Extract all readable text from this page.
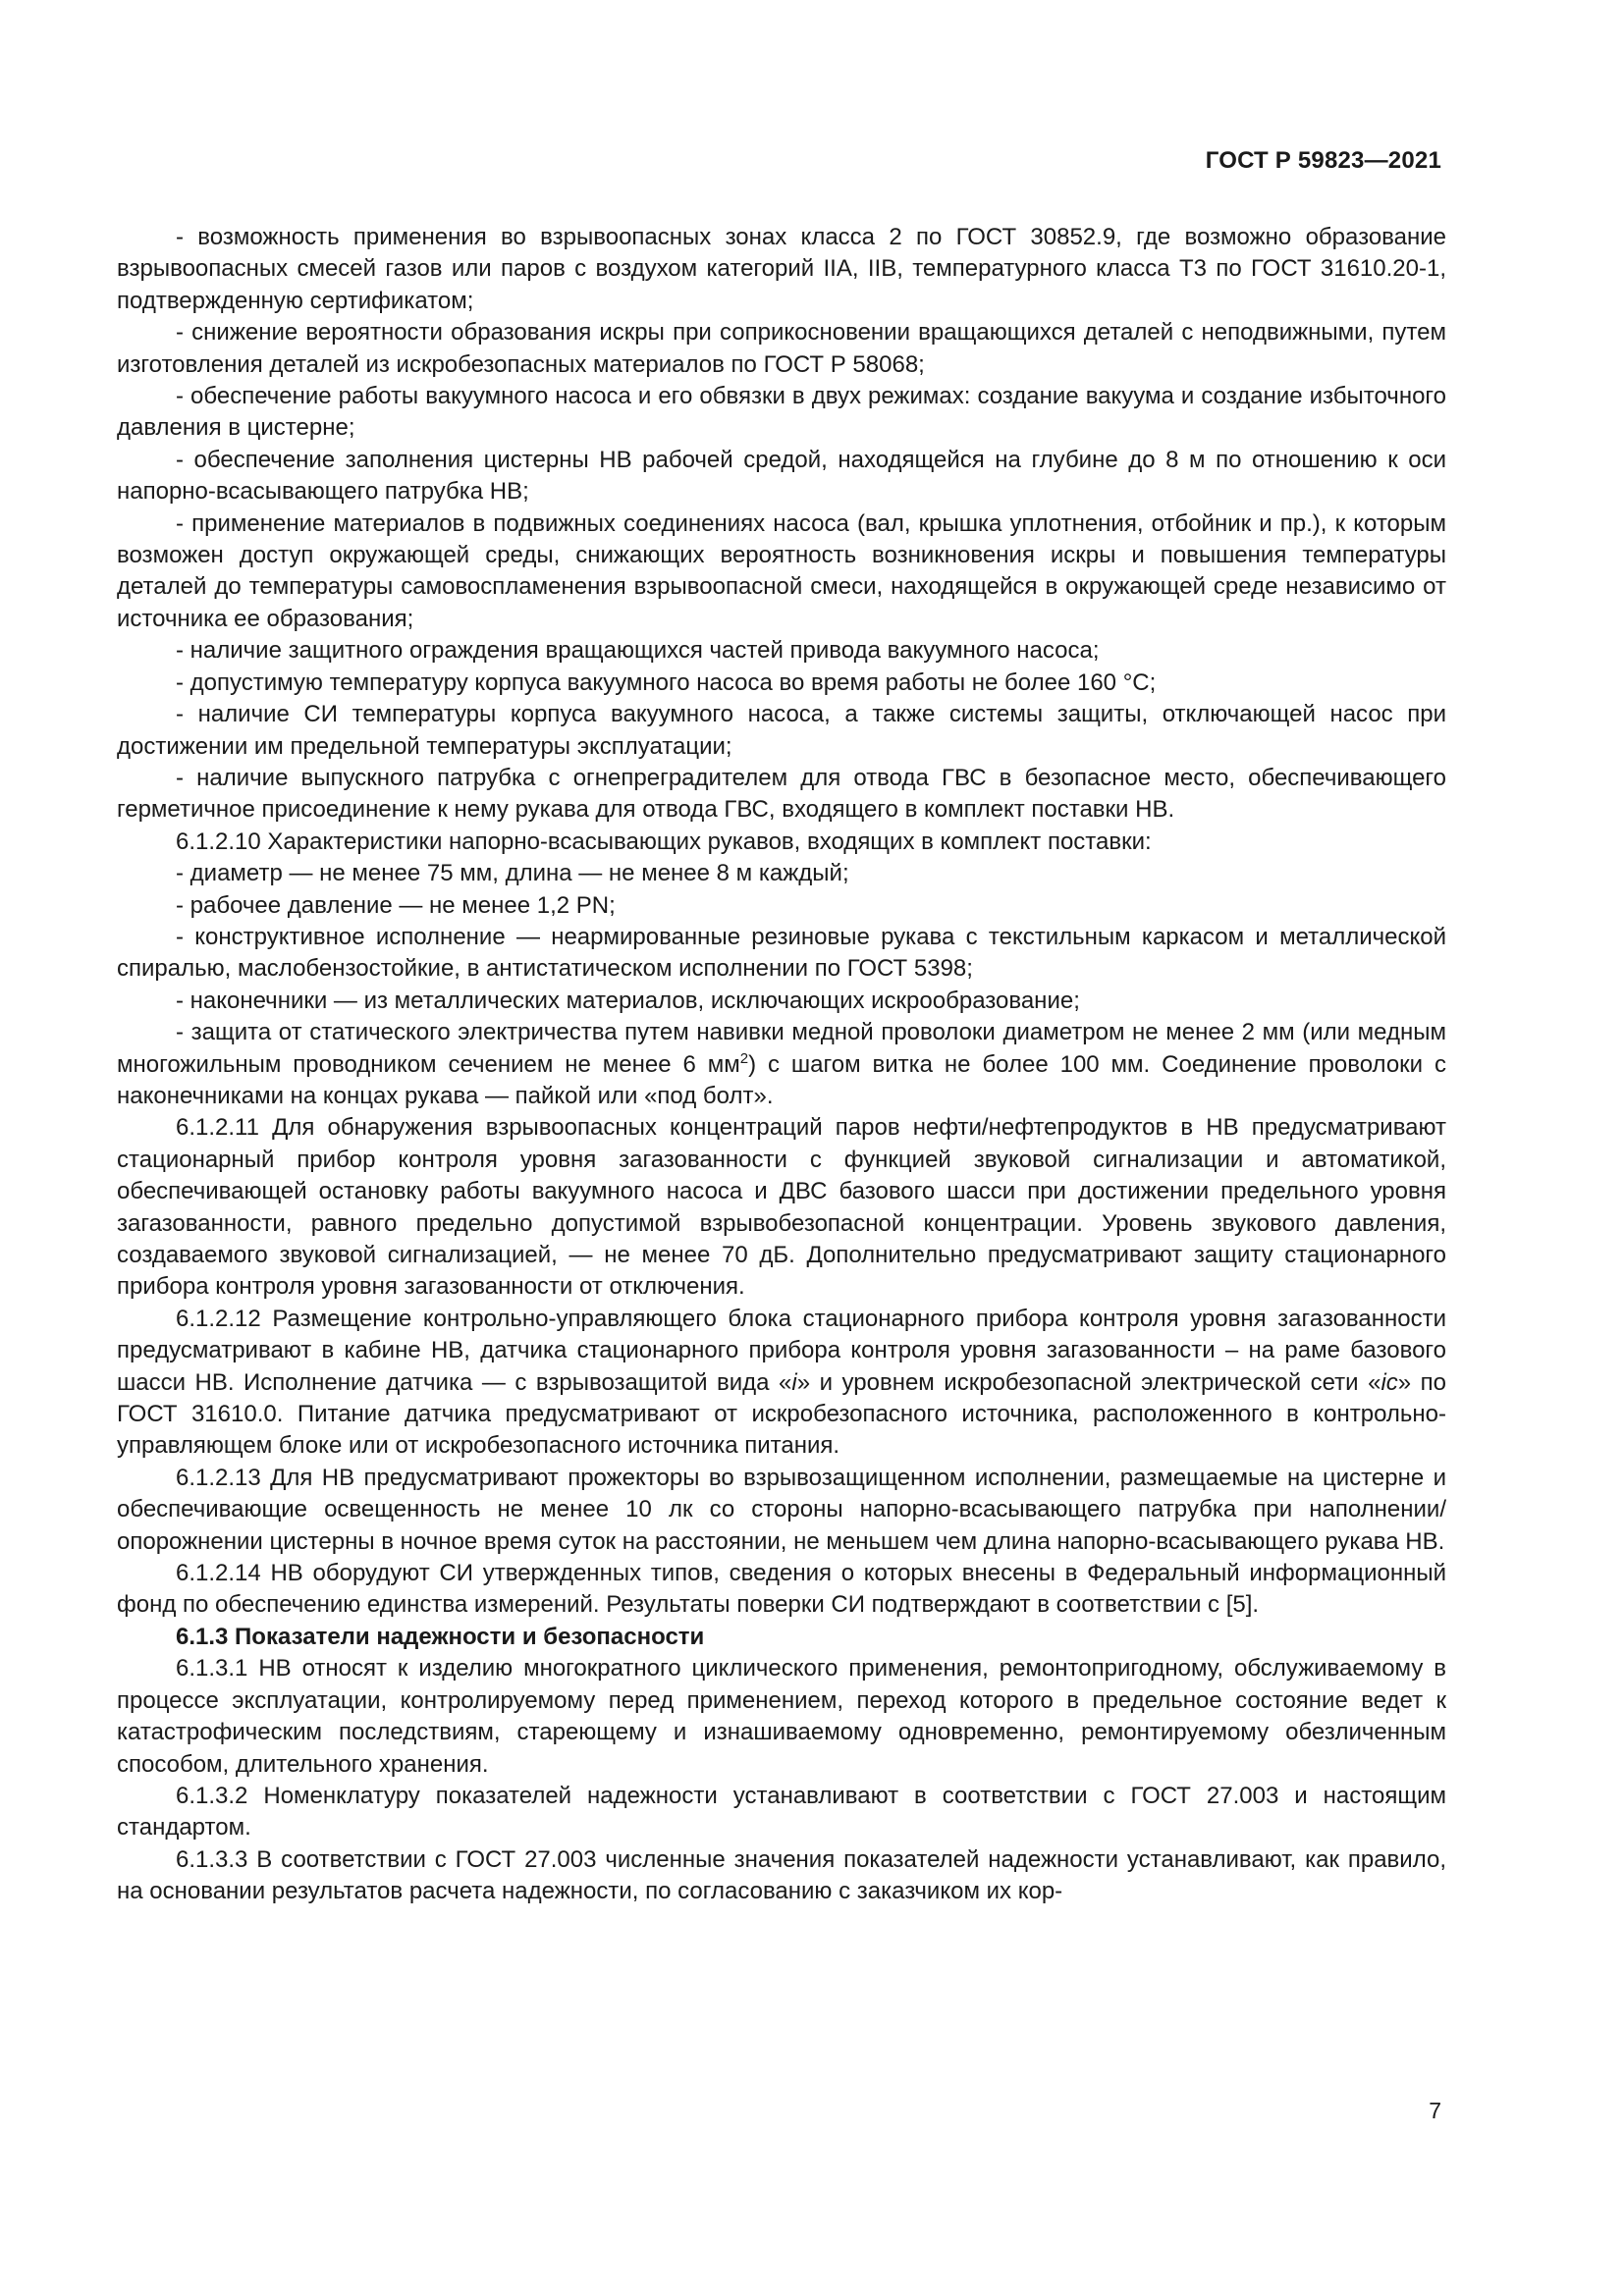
ГОСТ Р 59823—2021

- возможность применения во взрывоопасных зонах класса 2 по ГОСТ 30852.9, где возможно образование взрывоопасных смесей газов или паров с воздухом категорий IIA, IIB, температурного класса Т3 по ГОСТ 31610.20-1, подтвержденную сертификатом;

- снижение вероятности образования искры при соприкосновении вращающихся деталей с неподвижными, путем изготовления деталей из искробезопасных материалов по ГОСТ Р 58068;

- обеспечение работы вакуумного насоса и его обвязки в двух режимах: создание вакуума и создание избыточного давления в цистерне;

- обеспечение заполнения цистерны НВ рабочей средой, находящейся на глубине до 8 м по отношению к оси напорно-всасывающего патрубка НВ;

- применение материалов в подвижных соединениях насоса (вал, крышка уплотнения, отбойник и пр.), к которым возможен доступ окружающей среды, снижающих вероятность возникновения искры и повышения температуры деталей до температуры самовоспламенения взрывоопасной смеси, находящейся в окружающей среде независимо от источника ее образования;

- наличие защитного ограждения вращающихся частей привода вакуумного насоса;

- допустимую температуру корпуса вакуумного насоса во время работы не более 160 °С;

- наличие СИ температуры корпуса вакуумного насоса, а также системы защиты, отключающей насос при достижении им предельной температуры эксплуатации;

- наличие выпускного патрубка с огнепреградителем для отвода ГВС в безопасное место, обеспечивающего герметичное присоединение к нему рукава для отвода ГВС, входящего в комплект поставки НВ.

6.1.2.10 Характеристики напорно-всасывающих рукавов, входящих в комплект поставки:

- диаметр — не менее 75 мм, длина — не менее 8 м каждый;

- рабочее давление — не менее 1,2 PN;

- конструктивное исполнение — неармированные резиновые рукава с текстильным каркасом и металлической спиралью, маслобензостойкие, в антистатическом исполнении по ГОСТ 5398;

- наконечники — из металлических материалов, исключающих искрообразование;

- защита от статического электричества путем навивки медной проволоки диаметром не менее 2 мм (или медным многожильным проводником сечением не менее 6 $мм^2$) с шагом витка не более 100 мм. Соединение проволоки с наконечниками на концах рукава — пайкой или «под болт».

6.1.2.11 Для обнаружения взрывоопасных концентраций паров нефти/нефтепродуктов в НВ предусматривают стационарный прибор контроля уровня загазованности с функцией звуковой сигнализации и автоматикой, обеспечивающей остановку работы вакуумного насоса и ДВС базового шасси при достижении предельного уровня загазованности, равного предельно допустимой взрывобезопасной концентрации. Уровень звукового давления, создаваемого звуковой сигнализацией, — не менее 70 дБ. Дополнительно предусматривают защиту стационарного прибора контроля уровня загазованности от отключения.

6.1.2.12 Размещение контрольно-управляющего блока стационарного прибора контроля уровня загазованности предусматривают в кабине НВ, датчика стационарного прибора контроля уровня загазованности – на раме базового шасси НВ. Исполнение датчика — с взрывозащитой вида «i» и уровнем искробезопасной электрической сети «ic» по ГОСТ 31610.0. Питание датчика предусматривают от искробезопасного источника, расположенного в контрольно-управляющем блоке или от искробезопасного источника питания.

6.1.2.13 Для НВ предусматривают прожекторы во взрывозащищенном исполнении, размещаемые на цистерне и обеспечивающие освещенность не менее 10 лк со стороны напорно-всасывающего патрубка при наполнении/опорожнении цистерны в ночное время суток на расстоянии, не меньшем чем длина напорно-всасывающего рукава НВ.

6.1.2.14 НВ оборудуют СИ утвержденных типов, сведения о которых внесены в Федеральный информационный фонд по обеспечению единства измерений. Результаты поверки СИ подтверждают в соответствии с [5].

6.1.3 Показатели надежности и безопасности

6.1.3.1 НВ относят к изделию многократного циклического применения, ремонтопригодному, обслуживаемому в процессе эксплуатации, контролируемому перед применением, переход которого в предельное состояние ведет к катастрофическим последствиям, стареющему и изнашиваемому одновременно, ремонтируемому обезличенным способом, длительного хранения.

6.1.3.2 Номенклатуру показателей надежности устанавливают в соответствии с ГОСТ 27.003 и настоящим стандартом.

6.1.3.3 В соответствии с ГОСТ 27.003 численные значения показателей надежности устанавливают, как правило, на основании результатов расчета надежности, по согласованию с заказчиком их кор-

7
